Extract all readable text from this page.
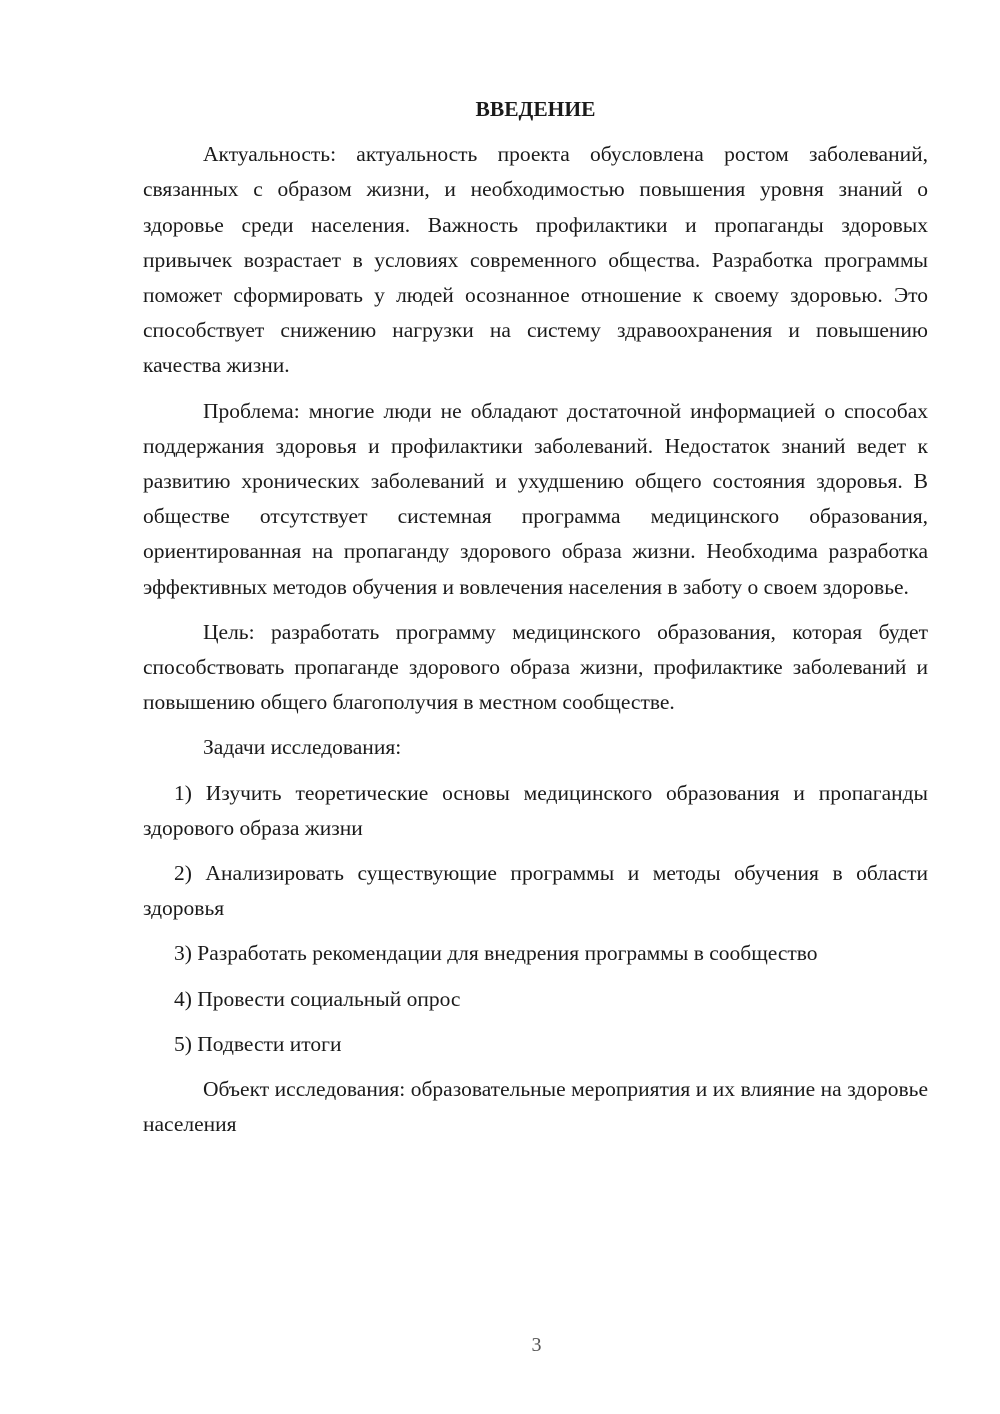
ВВЕДЕНИЕ

Актуальность: актуальность проекта обусловлена ростом заболеваний, связанных с образом жизни, и необходимостью повышения уровня знаний о здоровье среди населения. Важность профилактики и пропаганды здоровых привычек возрастает в условиях современного общества. Разработка программы поможет сформировать у людей осознанное отношение к своему здоровью. Это способствует снижению нагрузки на систему здравоохранения и повышению качества жизни.

Проблема: многие люди не обладают достаточной информацией о способах поддержания здоровья и профилактики заболеваний. Недостаток знаний ведет к развитию хронических заболеваний и ухудшению общего состояния здоровья. В обществе отсутствует системная программа медицинского образования, ориентированная на пропаганду здорового образа жизни. Необходима разработка эффективных методов обучения и вовлечения населения в заботу о своем здоровье.

Цель: разработать программу медицинского образования, которая будет способствовать пропаганде здорового образа жизни, профилактике заболеваний и повышению общего благополучия в местном сообществе.

Задачи исследования:

1) Изучить теоретические основы медицинского образования и пропаганды здорового образа жизни

2) Анализировать существующие программы и методы обучения в области здоровья

3) Разработать рекомендации для внедрения программы в сообщество

4) Провести социальный опрос

5) Подвести итоги

Объект исследования: образовательные мероприятия и их влияние на здоровье населения

3
